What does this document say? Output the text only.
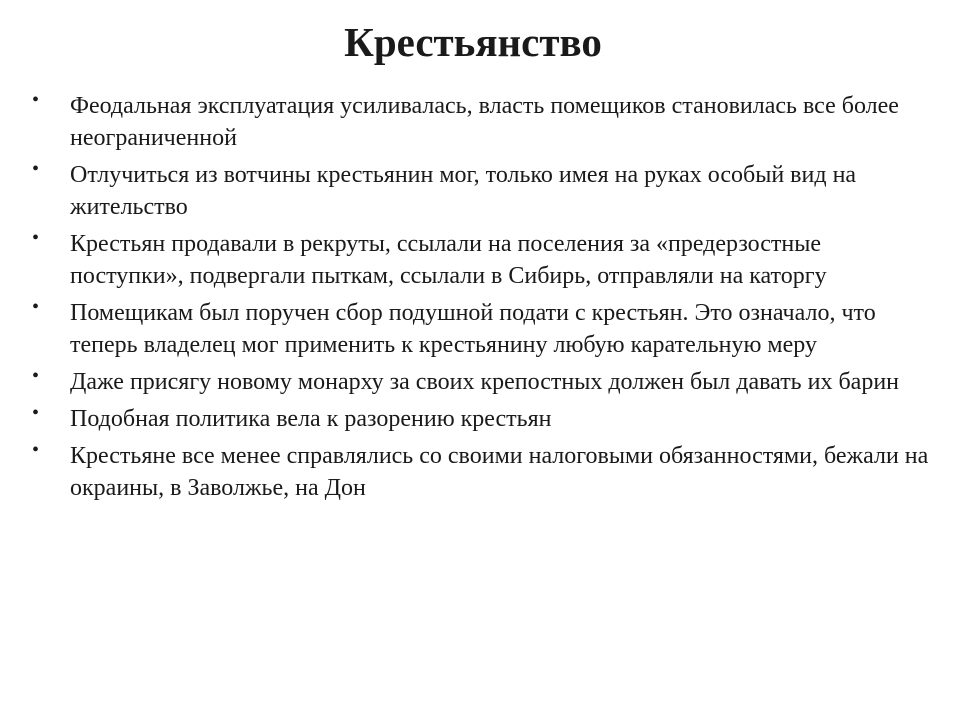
Крестьянство
• Феодальная эксплуатация усиливалась, власть помещиков становилась все более неограниченной
• Отлучиться из вотчины крестьянин мог, только имея на руках особый вид на жительство
• Крестьян продавали в рекруты, ссылали на поселения за «предерзостные поступки», подвергали пыткам, ссылали в Сибирь, отправляли на каторгу
• Помещикам был поручен сбор подушной подати с крестьян. Это означало, что теперь владелец мог применить к крестьянину любую карательную меру
• Даже присягу новому монарху за своих крепостных должен был давать их барин
• Подобная политика вела к разорению крестьян
• Крестьяне все менее справлялись со своими налоговыми обязанностями, бежали на окраины, в Заволжье, на Дон
